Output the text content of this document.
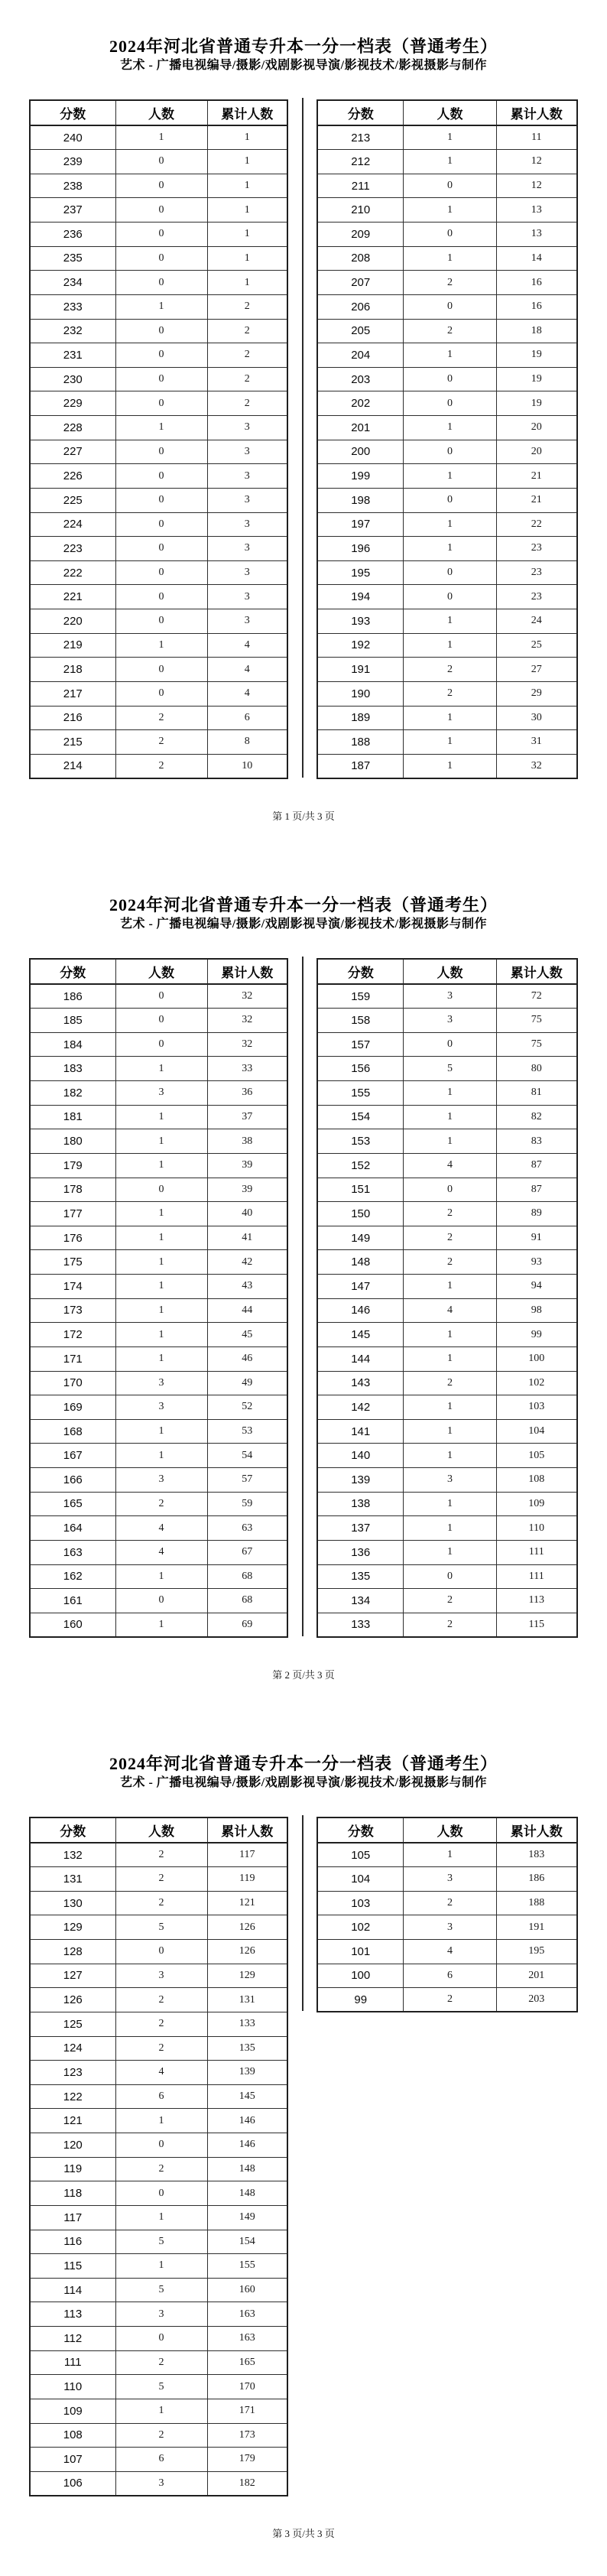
2024年河北省普通专升本一分一档表（普通考生）
艺术 - 广播电视编导/摄影/戏剧影视导演/影视技术/影视摄影与制作
分数	人数	累计人数
240	1	1
239	0	1
238	0	1
237	0	1
236	0	1
235	0	1
234	0	1
233	1	2
232	0	2
231	0	2
230	0	2
229	0	2
228	1	3
227	0	3
226	0	3
225	0	3
224	0	3
223	0	3
222	0	3
221	0	3
220	0	3
219	1	4
218	0	4
217	0	4
216	2	6
215	2	8
214	2	10
分数	人数	累计人数
213	1	11
212	1	12
211	0	12
210	1	13
209	0	13
208	1	14
207	2	16
206	0	16
205	2	18
204	1	19
203	0	19
202	0	19
201	1	20
200	0	20
199	1	21
198	0	21
197	1	22
196	1	23
195	0	23
194	0	23
193	1	24
192	1	25
191	2	27
190	2	29
189	1	30
188	1	31
187	1	32
第 1 页/共 3 页
2024年河北省普通专升本一分一档表（普通考生）
艺术 - 广播电视编导/摄影/戏剧影视导演/影视技术/影视摄影与制作
分数	人数	累计人数
186	0	32
185	0	32
184	0	32
183	1	33
182	3	36
181	1	37
180	1	38
179	1	39
178	0	39
177	1	40
176	1	41
175	1	42
174	1	43
173	1	44
172	1	45
171	1	46
170	3	49
169	3	52
168	1	53
167	1	54
166	3	57
165	2	59
164	4	63
163	4	67
162	1	68
161	0	68
160	1	69
分数	人数	累计人数
159	3	72
158	3	75
157	0	75
156	5	80
155	1	81
154	1	82
153	1	83
152	4	87
151	0	87
150	2	89
149	2	91
148	2	93
147	1	94
146	4	98
145	1	99
144	1	100
143	2	102
142	1	103
141	1	104
140	1	105
139	3	108
138	1	109
137	1	110
136	1	111
135	0	111
134	2	113
133	2	115
第 2 页/共 3 页
2024年河北省普通专升本一分一档表（普通考生）
艺术 - 广播电视编导/摄影/戏剧影视导演/影视技术/影视摄影与制作
分数	人数	累计人数
132	2	117
131	2	119
130	2	121
129	5	126
128	0	126
127	3	129
126	2	131
125	2	133
124	2	135
123	4	139
122	6	145
121	1	146
120	0	146
119	2	148
118	0	148
117	1	149
116	5	154
115	1	155
114	5	160
113	3	163
112	0	163
111	2	165
110	5	170
109	1	171
108	2	173
107	6	179
106	3	182
分数	人数	累计人数
105	1	183
104	3	186
103	2	188
102	3	191
101	4	195
100	6	201
99	2	203
第 3 页/共 3 页
